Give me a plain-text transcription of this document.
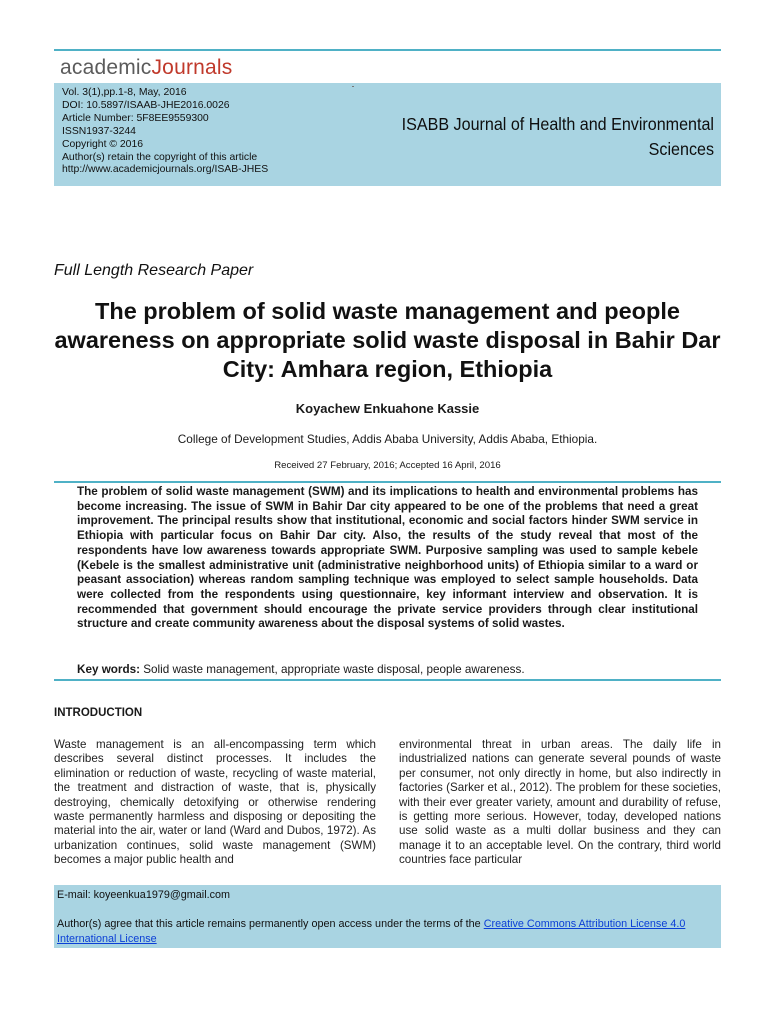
academicJournals
Vol. 3(1),pp.1-8, May, 2016
DOI: 10.5897/ISAAB-JHE2016.0026
Article Number: 5F8EE9559300
ISSN1937-3244
Copyright © 2016
Author(s) retain the copyright of this article
http://www.academicjournals.org/ISAB-JHES
ISABB Journal of Health and Environmental
Sciences
Full Length Research Paper
The problem of solid waste management and people awareness on appropriate solid waste disposal in Bahir Dar City: Amhara region, Ethiopia
Koyachew Enkuahone Kassie
College of Development Studies, Addis Ababa University, Addis Ababa, Ethiopia.
Received 27 February, 2016; Accepted 16 April, 2016
The problem of solid waste management (SWM) and its implications to health and environmental problems has become increasing. The issue of SWM in Bahir Dar city appeared to be one of the problems that need a great improvement. The principal results show that institutional, economic and social factors hinder SWM service in Ethiopia with particular focus on Bahir Dar city. Also, the results of the study reveal that most of the respondents have low awareness towards appropriate SWM. Purposive sampling was used to sample kebele (Kebele is the smallest administrative unit (administrative neighborhood units) of Ethiopia similar to a ward or peasant association) whereas random sampling technique was employed to select sample households. Data were collected from the respondents using questionnaire, key informant interview and observation. It is recommended that government should encourage the private service providers through clear institutional structure and create community awareness about the disposal systems of solid wastes.
Key words: Solid waste management, appropriate waste disposal, people awareness.
INTRODUCTION
Waste management is an all-encompassing term which describes several distinct processes. It includes the elimination or reduction of waste, recycling of waste material, the treatment and distraction of waste, that is, physically destroying, chemically detoxifying or otherwise rendering waste permanently harmless and disposing or depositing the material into the air, water or land (Ward and Dubos, 1972). As urbanization continues, solid waste management (SWM) becomes a major public health and
environmental threat in urban areas. The daily life in industrialized nations can generate several pounds of waste per consumer, not only directly in home, but also indirectly in factories (Sarker et al., 2012). The problem for these societies, with their ever greater variety, amount and durability of refuse, is getting more serious. However, today, developed nations use solid waste as a multi dollar business and they can manage it to an acceptable level. On the contrary, third world countries face particular
E-mail: koyeenkua1979@gmail.com
Author(s) agree that this article remains permanently open access under the terms of the Creative Commons Attribution License 4.0 International License
